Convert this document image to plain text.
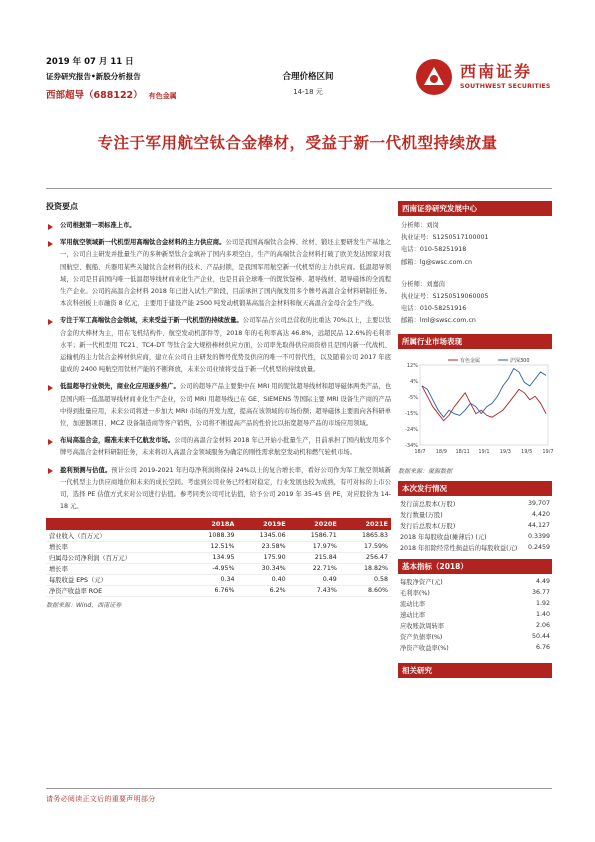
2019 年 07 月 11 日
证券研究报告•新股分析报告
西部超导（688122） 有色金属
合理价格区间
14-18 元
西南证券
SOUTHWEST SECURITIES
专注于军用航空钛合金棒材，受益于新一代机型持续放量
投资要点
公司根据第一项标准上市。
军用航空领域新一代机型用高端钛合金材料的主力供应商。公司是我国高端钛合金棒、丝材、锻坯主要研发生产基地之一，公司自主研发并批量生产的多种新型钛合金填补了国内多项空白，生产的高端钛合金材料打破了欧美发达国家对我国航空、舰船、兵器用某些关键钛合金材料的技术、产品封锁，是我国军用航空新一代机型的主力供应商。低温超导领域，公司是目前国内唯一低温超导线材商业化生产企业，也是目前全球唯一的铌钛锭棒、超导线材、超导磁体的全流程生产企业。公司的高温合金材料 2018 年已进入试生产阶段，目前承担了国内航发用多个牌号高温合金材料研制任务。本次科创板上市融资 8 亿元，主要用于建设产能 2500 吨发动机锻基高温合金材料和航天高温合金母合金生产线。
专注于军工高端钛合金领域，未来受益于新一代机型的持续放量。公司军品占公司总营收的比重达 70%以上，主要以钛合金的大棒材为主，用在飞机结构件、航空发动机部件等，2018 年的毛利率高达 46.8%，远超民品 12.6%的毛利率水平；新一代机型用 TC21、TC4-DT 等钛合金大规格棒材供应方面，公司率先取得供应商资格且是国内新一代战机、运输机的主力钛合金棒材供应商，建立在公司自主研发的牌号优势及供应的唯一不可替代性，以及随着公司 2017 年底建成的 2400 吨航空用钛材产能的不断释放，未来公司业绩将受益于新一代机型的持续放量。
低温超导行业领先，商业化应用逐步推广。公司的超导产品主要集中在 MRI 用的铌钛超导线材和超导磁体两类产品，也是国内唯一低温超导线材商业化生产企业，公司 MRI 用超导线已在 GE、SIEMENS 等国际主要 MRI 设备生产商的产品中得到批量应用，未来公司将进一步加大 MRI 市场的开发力度，提高在该领域的市场份额；超导磁体主要面向各科研单位，加速器项目、MCZ 设备制造商等客户销售，公司将不断提高产品的性价比以拓宽超导产品的市场应用领域。
布局高温合金，瞄准未来千亿航发市场。公司的高温合金材料 2018 年已开始小批量生产，目前承担了国内航发用多个牌号高温合金材料研制任务，未来将切入高温合金领域服务为确定的刚性需求航空发动机和燃气轮机市场。
盈利预测与估值。预计公司 2019-2021 年归母净利润将保持 24%以上的复合增长率，看好公司作为军工航空领域新一代机型主力供应商地位和未来的成长空间。考虑到公司业务已经相对稳定，行业发展也较为成熟，有可对标的上市公司，选择 PE 估值方式来对公司进行估值。参考同类公司可比估值，给予公司 2019 年 35-45 倍 PE，对应股价为 14-18 元。
	2018A	2019E	2020E	2021E
营业收入（百万元）	1088.39	1345.06	1586.71	1865.83
增长率	12.51%	23.58%	17.97%	17.59%
归属母公司净利润（百万元）	134.95	175.90	215.84	256.47
增长率	-4.95%	30.34%	22.71%	18.82%
每股收益 EPS（元）	0.34	0.40	0.49	0.58
净资产收益率 ROE	6.76%	6.2%	7.43%	8.60%
数据来源：Wind，西南证券
西南证券研究发展中心
分析师：刘岗
执业证号：S1250517100001
电话：010-58251918
邮箱：lg@swsc.com.cn
分析师：刘嘉茵
执业证号：S1250519060005
电话：010-58251916
邮箱：lml@swsc.com.cn
所属行业市场表现
12%
4%
-5%
-15%
-24%
-34%
18/7 18/9 18/11 19/1 19/3 19/5 19/7
有色金属	沪深300
数据来源：聚源数据
本次发行情况
发行前总股本(万股)	39,707
发行数量(万股)	4,420
发行后总股本(万股)	44,127
2018 年每股收益(摊薄后) (元)	0.3399
2018 年扣除经常性损益后的每股收益(元)	0.2459
基本指标（2018）
每股净资产(元)	4.49
毛利率(%)	36.77
流动比率	1.92
速动比率	1.40
应收账款周转率	2.06
资产负债率(%)	50.44
净资产收益率(%)	6.76
相关研究
请务必阅读正文后的重要声明部分
